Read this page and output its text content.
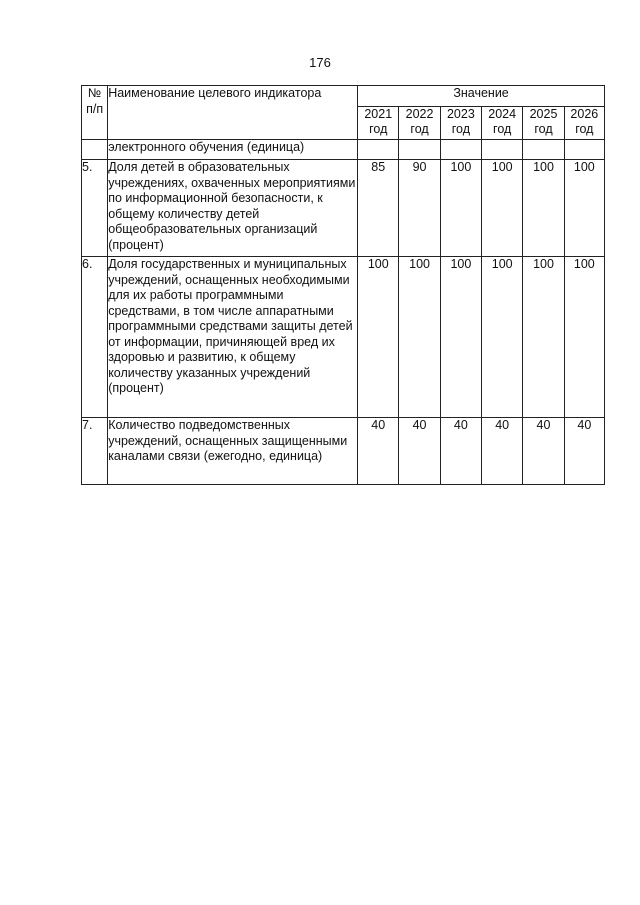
176
№ п/п	Наименование целевого индикатора	Значение					
		2021 год	2022 год	2023 год	2024 год	2025 год	2026 год
	электронного обучения (единица)						
5.	Доля детей в образовательных учреждениях, охваченных мероприятиями по информационной безопасности, к общему количеству детей общеобразовательных организаций (процент)	85	90	100	100	100	100
6.	Доля государственных и муниципальных учреждений, оснащенных необходимыми для их работы программными средствами, в том числе аппаратными программными средствами защиты детей от информации, причиняющей вред их здоровью и развитию, к общему количеству указанных учреждений (процент)	100	100	100	100	100	100
7.	Количество подведомственных учреждений, оснащенных защищенными каналами связи (ежегодно, единица)	40	40	40	40	40	40
